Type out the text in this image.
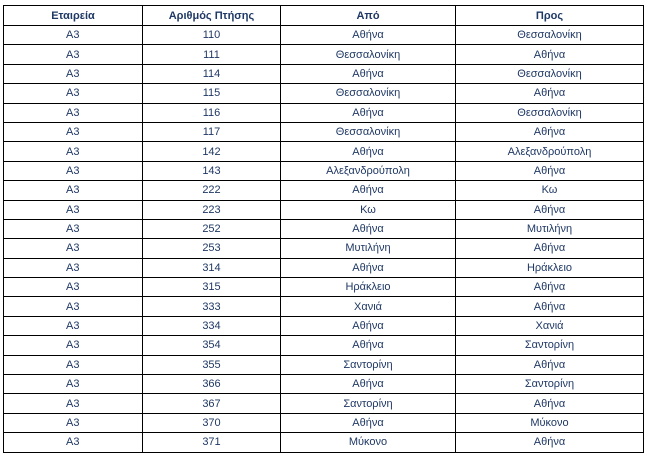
Εταιρεία	Αριθμός Πτήσης	Από	Προς
A3	110	Αθήνα	Θεσσαλονίκη
A3	111	Θεσσαλονίκη	Αθήνα
A3	114	Αθήνα	Θεσσαλονίκη
A3	115	Θεσσαλονίκη	Αθήνα
A3	116	Αθήνα	Θεσσαλονίκη
A3	117	Θεσσαλονίκη	Αθήνα
A3	142	Αθήνα	Αλεξανδρούπολη
A3	143	Αλεξανδρούπολη	Αθήνα
A3	222	Αθήνα	Κω
A3	223	Κω	Αθήνα
A3	252	Αθήνα	Μυτιλήνη
A3	253	Μυτιλήνη	Αθήνα
A3	314	Αθήνα	Ηράκλειο
A3	315	Ηράκλειο	Αθήνα
A3	333	Χανιά	Αθήνα
A3	334	Αθήνα	Χανιά
A3	354	Αθήνα	Σαντορίνη
A3	355	Σαντορίνη	Αθήνα
A3	366	Αθήνα	Σαντορίνη
A3	367	Σαντορίνη	Αθήνα
A3	370	Αθήνα	Μύκονο
A3	371	Μύκονο	Αθήνα
